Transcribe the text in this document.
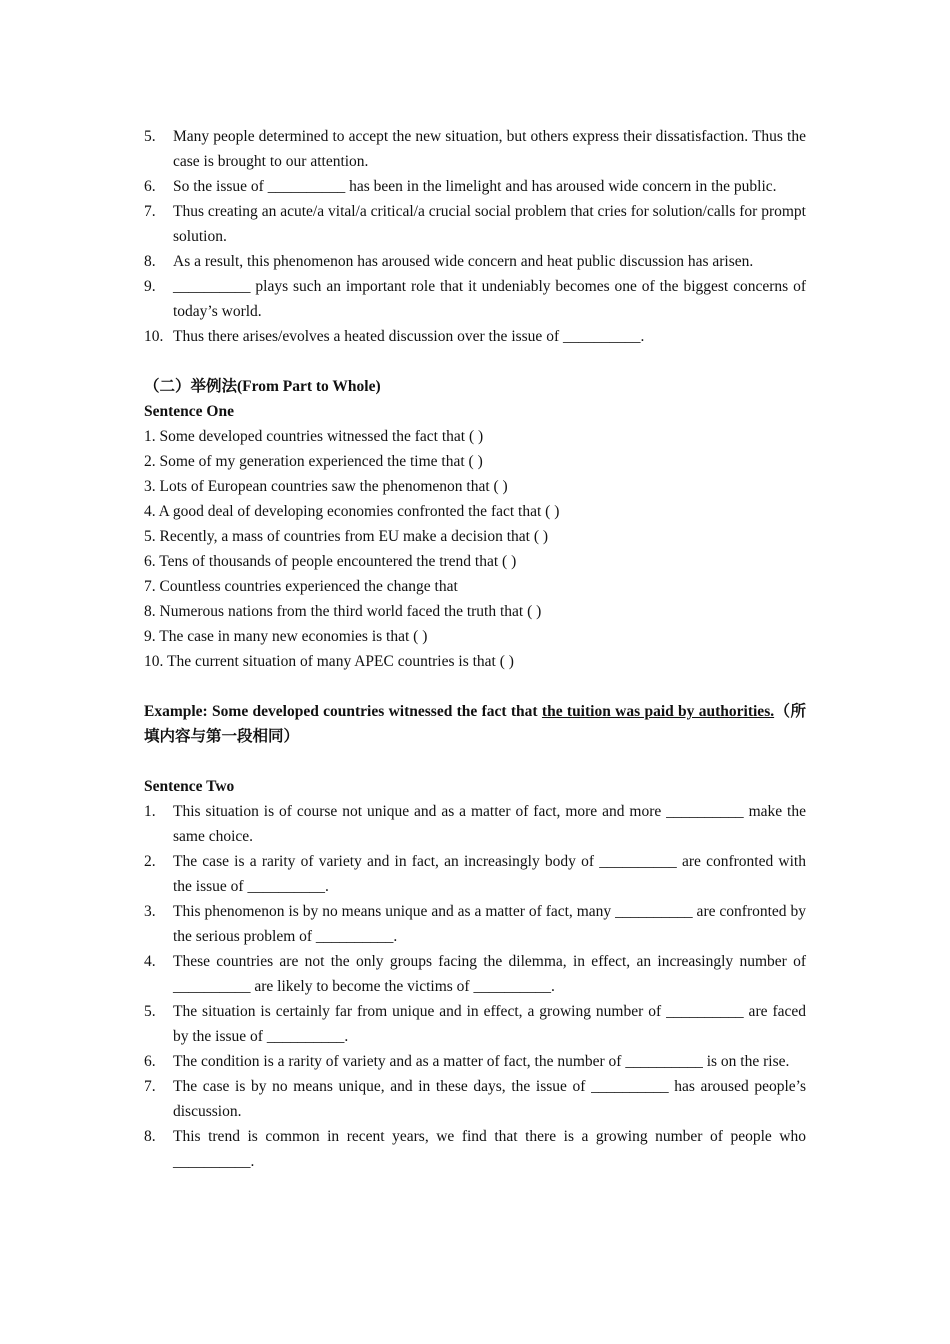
5.	Many people determined to accept the new situation, but others express their dissatisfaction. Thus the case is brought to our attention.
6.	So the issue of __________ has been in the limelight and has aroused wide concern in the public.
7.	Thus creating an acute/a vital/a critical/a crucial social problem that cries for solution/calls for prompt solution.
8.	As a result, this phenomenon has aroused wide concern and heat public discussion has arisen.
9.	__________ plays such an important role that it undeniably becomes one of the biggest concerns of today’s world.
10. Thus there arises/evolves a heated discussion over the issue of __________.
（二）举例法(From Part to Whole)
Sentence One
1. Some developed countries witnessed the fact that ( )
2. Some of my generation experienced the time that ( )
3. Lots of European countries saw the phenomenon that ( )
4. A good deal of developing economies confronted the fact that ( )
5. Recently, a mass of countries from EU make a decision that ( )
6. Tens of thousands of people encountered the trend that ( )
7. Countless countries experienced the change that
8. Numerous nations from the third world faced the truth that ( )
9. The case in many new economies is that ( )
10. The current situation of many APEC countries is that ( )
Example: Some developed countries witnessed the fact that the tuition was paid by authorities.（所填内容与第一段相同）
Sentence Two
1.	This situation is of course not unique and as a matter of fact, more and more __________ make the same choice.
2.	The case is a rarity of variety and in fact, an increasingly body of __________ are confronted with the issue of __________.
3.	This phenomenon is by no means unique and as a matter of fact, many __________ are confronted by the serious problem of __________.
4.	These countries are not the only groups facing the dilemma, in effect, an increasingly number of __________ are likely to become the victims of __________.
5.	The situation is certainly far from unique and in effect, a growing number of __________ are faced by the issue of __________.
6.	The condition is a rarity of variety and as a matter of fact, the number of __________ is on the rise.
7.	The case is by no means unique, and in these days, the issue of __________ has aroused people’s discussion.
8.	This trend is common in recent years, we find that there is a growing number of people who __________.
